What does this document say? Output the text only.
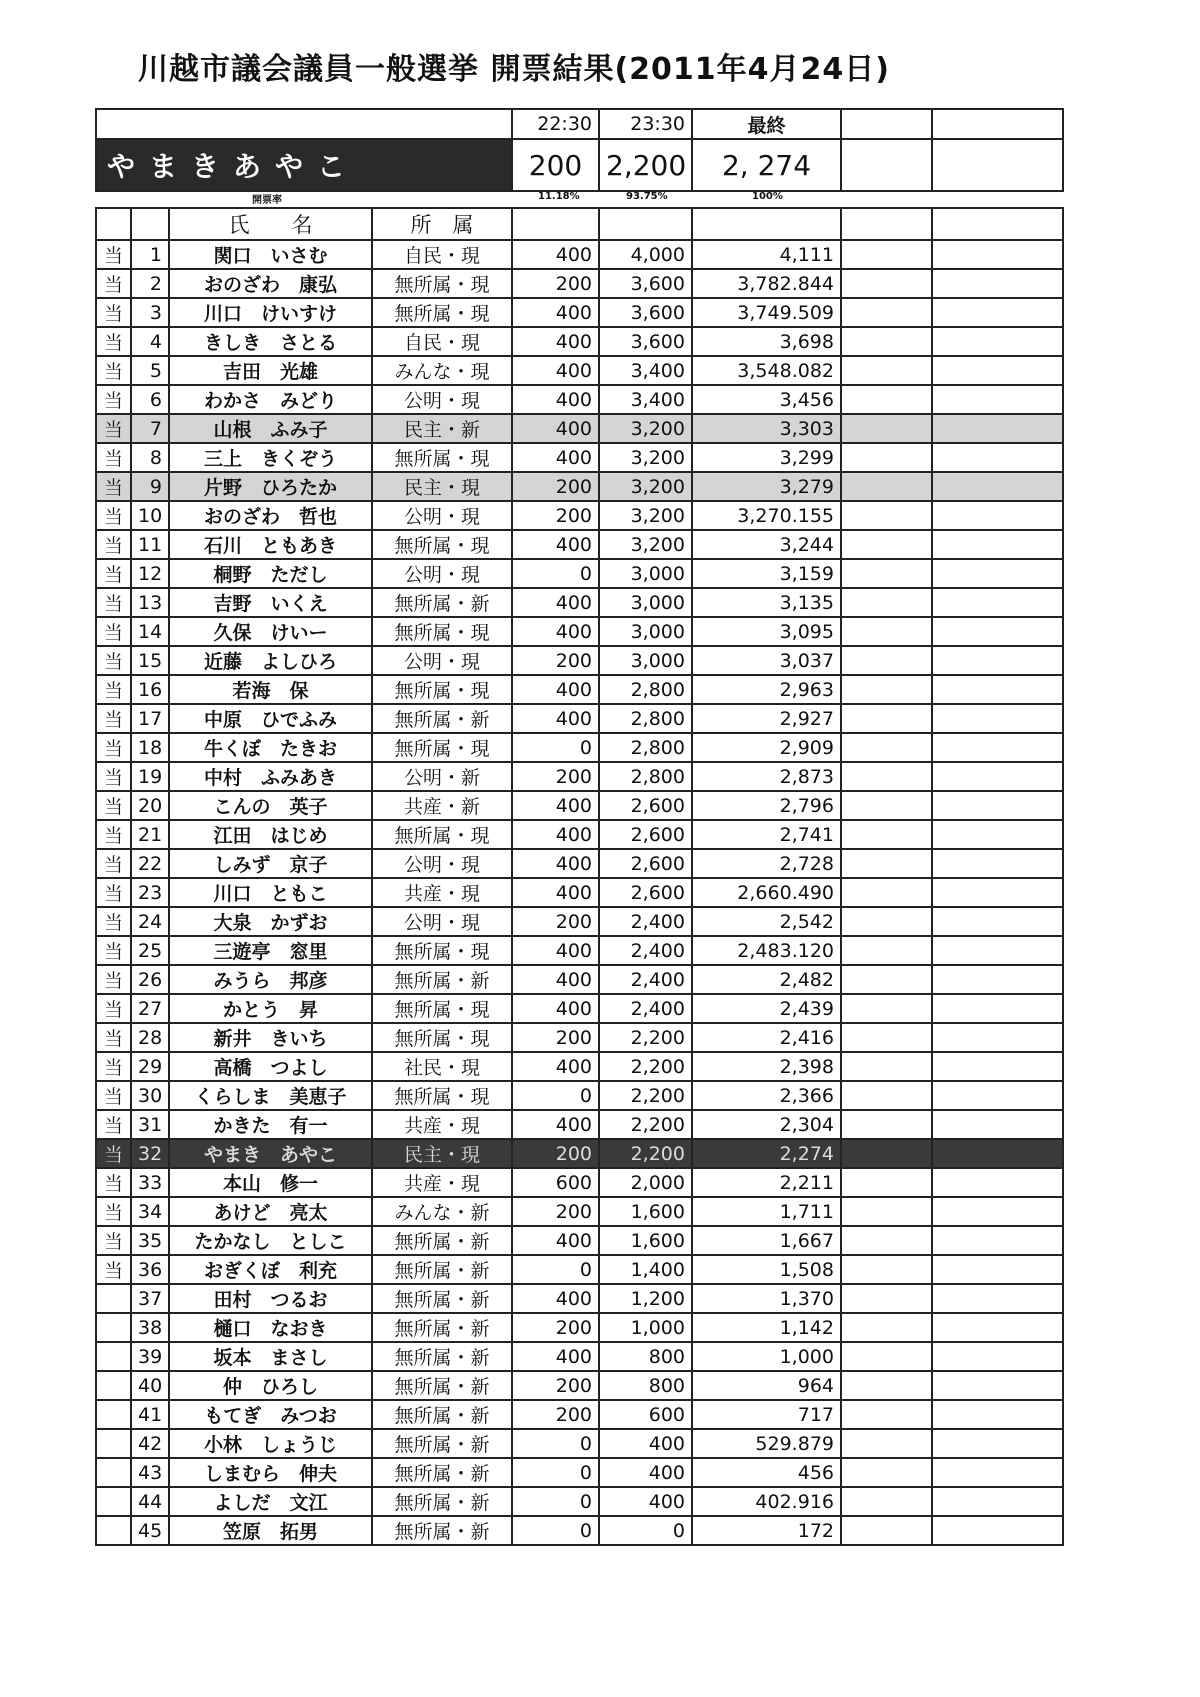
川越市議会議員一般選挙 開票結果(2011年4月24日)
	22:30	23:30	最終		
やまきあやこ	200	2,200	2, 274		
開票率	11.18%	93.75%	100%
		氏　　名	所　属					
当	1	関口　いさむ	自民・現	400	4,000	4,111		
当	2	おのざわ　康弘	無所属・現	200	3,600	3,782.844		
当	3	川口　けいすけ	無所属・現	400	3,600	3,749.509		
当	4	きしき　さとる	自民・現	400	3,600	3,698		
当	5	吉田　光雄	みんな・現	400	3,400	3,548.082		
当	6	わかさ　みどり	公明・現	400	3,400	3,456		
当	7	山根　ふみ子	民主・新	400	3,200	3,303		
当	8	三上　きくぞう	無所属・現	400	3,200	3,299		
当	9	片野　ひろたか	民主・現	200	3,200	3,279		
当	10	おのざわ　哲也	公明・現	200	3,200	3,270.155		
当	11	石川　ともあき	無所属・現	400	3,200	3,244		
当	12	桐野　ただし	公明・現	0	3,000	3,159		
当	13	吉野　いくえ	無所属・新	400	3,000	3,135		
当	14	久保　けいー	無所属・現	400	3,000	3,095		
当	15	近藤　よしひろ	公明・現	200	3,000	3,037		
当	16	若海　保	無所属・現	400	2,800	2,963		
当	17	中原　ひでふみ	無所属・新	400	2,800	2,927		
当	18	牛くぼ　たきお	無所属・現	0	2,800	2,909		
当	19	中村　ふみあき	公明・新	200	2,800	2,873		
当	20	こんの　英子	共産・新	400	2,600	2,796		
当	21	江田　はじめ	無所属・現	400	2,600	2,741		
当	22	しみず　京子	公明・現	400	2,600	2,728		
当	23	川口　ともこ	共産・現	400	2,600	2,660.490		
当	24	大泉　かずお	公明・現	200	2,400	2,542		
当	25	三遊亭　窓里	無所属・現	400	2,400	2,483.120		
当	26	みうら　邦彦	無所属・新	400	2,400	2,482		
当	27	かとう　昇	無所属・現	400	2,400	2,439		
当	28	新井　きいち	無所属・現	200	2,200	2,416		
当	29	高橋　つよし	社民・現	400	2,200	2,398		
当	30	くらしま　美恵子	無所属・現	0	2,200	2,366		
当	31	かきた　有一	共産・現	400	2,200	2,304		
当	32	やまき　あやこ	民主・現	200	2,200	2,274		
当	33	本山　修一	共産・現	600	2,000	2,211		
当	34	あけど　亮太	みんな・新	200	1,600	1,711		
当	35	たかなし　としこ	無所属・新	400	1,600	1,667		
当	36	おぎくぼ　利充	無所属・新	0	1,400	1,508		
	37	田村　つるお	無所属・新	400	1,200	1,370		
	38	樋口　なおき	無所属・新	200	1,000	1,142		
	39	坂本　まさし	無所属・新	400	800	1,000		
	40	仲　ひろし	無所属・新	200	800	964		
	41	もてぎ　みつお	無所属・新	200	600	717		
	42	小林　しょうじ	無所属・新	0	400	529.879		
	43	しまむら　伸夫	無所属・新	0	400	456		
	44	よしだ　文江	無所属・新	0	400	402.916		
	45	笠原　拓男	無所属・新	0	0	172		
